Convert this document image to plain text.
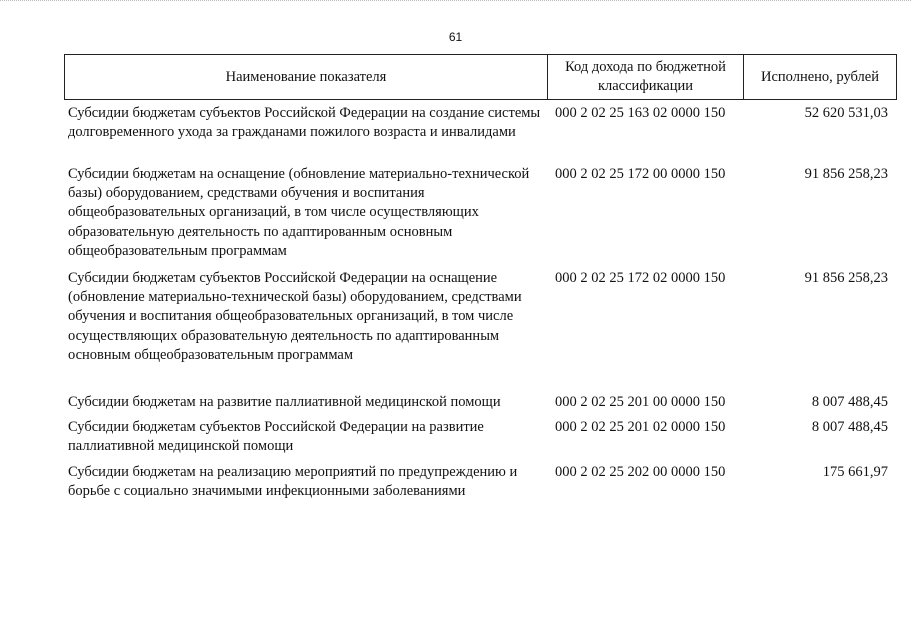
61
Наименование показателя	Код дохода по бюджетной классификации	Исполнено, рублей
Субсидии бюджетам субъектов Российской Федерации на создание системы долговременного ухода за гражданами пожилого возраста и инвалидами
000 2 02 25 163 02 0000 150	52 620 531,03
Субсидии бюджетам на оснащение (обновление материально-технической базы) оборудованием, средствами обучения и воспитания общеобразовательных организаций, в том числе осуществляющих образовательную деятельность по адаптированным основным общеобразовательным программам
000 2 02 25 172 00 0000 150	91 856 258,23
Субсидии бюджетам субъектов Российской Федерации на оснащение (обновление материально-технической базы) оборудованием, средствами обучения и воспитания общеобразовательных организаций, в том числе осуществляющих образовательную деятельность по адаптированным основным общеобразовательным программам
000 2 02 25 172 02 0000 150	91 856 258,23
Субсидии бюджетам на развитие паллиативной медицинской помощи	000 2 02 25 201 00 0000 150	8 007 488,45
Субсидии бюджетам субъектов Российской Федерации на развитие паллиативной медицинской помощи
000 2 02 25 201 02 0000 150	8 007 488,45
Субсидии бюджетам на реализацию мероприятий по предупреждению и борьбе с социально значимыми инфекционными заболеваниями
000 2 02 25 202 00 0000 150	175 661,97
